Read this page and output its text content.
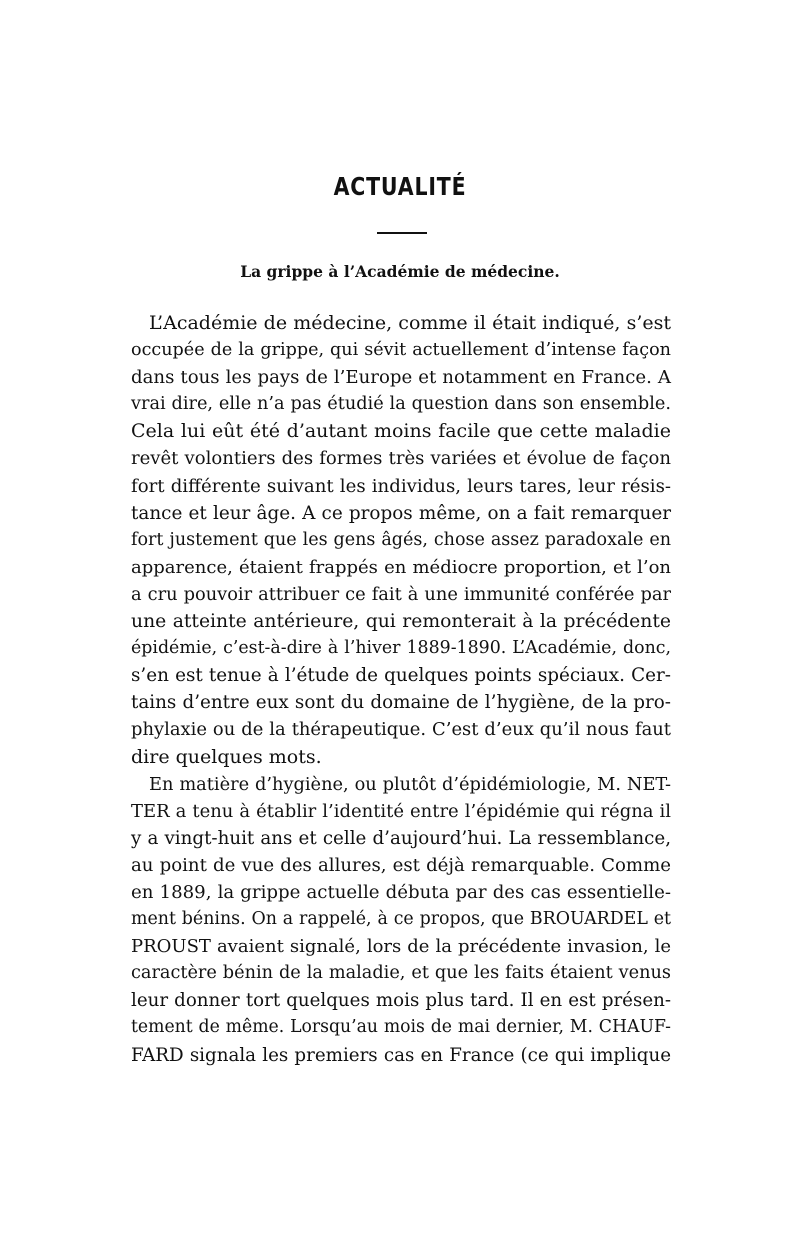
ACTUALITÉ
La grippe à l’Académie de médecine.
L’Académie de médecine, comme il était indiqué, s’est
occupée de la grippe, qui sévit actuellement d’intense façon
dans tous les pays de l’Europe et notamment en France. A
vrai dire, elle n’a pas étudié la question dans son ensemble.
Cela lui eût été d’autant moins facile que cette maladie
revêt volontiers des formes très variées et évolue de façon
fort différente suivant les individus, leurs tares, leur résis-
tance et leur âge. A ce propos même, on a fait remarquer
fort justement que les gens âgés, chose assez paradoxale en
apparence, étaient frappés en médiocre proportion, et l’on
a cru pouvoir attribuer ce fait à une immunité conférée par
une atteinte antérieure, qui remonterait à la précédente
épidémie, c’est-à-dire à l’hiver 1889-1890. L’Académie, donc,
s’en est tenue à l’étude de quelques points spéciaux. Cer-
tains d’entre eux sont du domaine de l’hygiène, de la pro-
phylaxie ou de la thérapeutique. C’est d’eux qu’il nous faut
dire quelques mots.
En matière d’hygiène, ou plutôt d’épidémiologie, M. NET-
TER a tenu à établir l’identité entre l’épidémie qui régna il
y a vingt-huit ans et celle d’aujourd’hui. La ressemblance,
au point de vue des allures, est déjà remarquable. Comme
en 1889, la grippe actuelle débuta par des cas essentielle-
ment bénins. On a rappelé, à ce propos, que BROUARDEL et
PROUST avaient signalé, lors de la précédente invasion, le
caractère bénin de la maladie, et que les faits étaient venus
leur donner tort quelques mois plus tard. Il en est présen-
tement de même. Lorsqu’au mois de mai dernier, M. CHAUF-
FARD signala les premiers cas en France (ce qui implique
